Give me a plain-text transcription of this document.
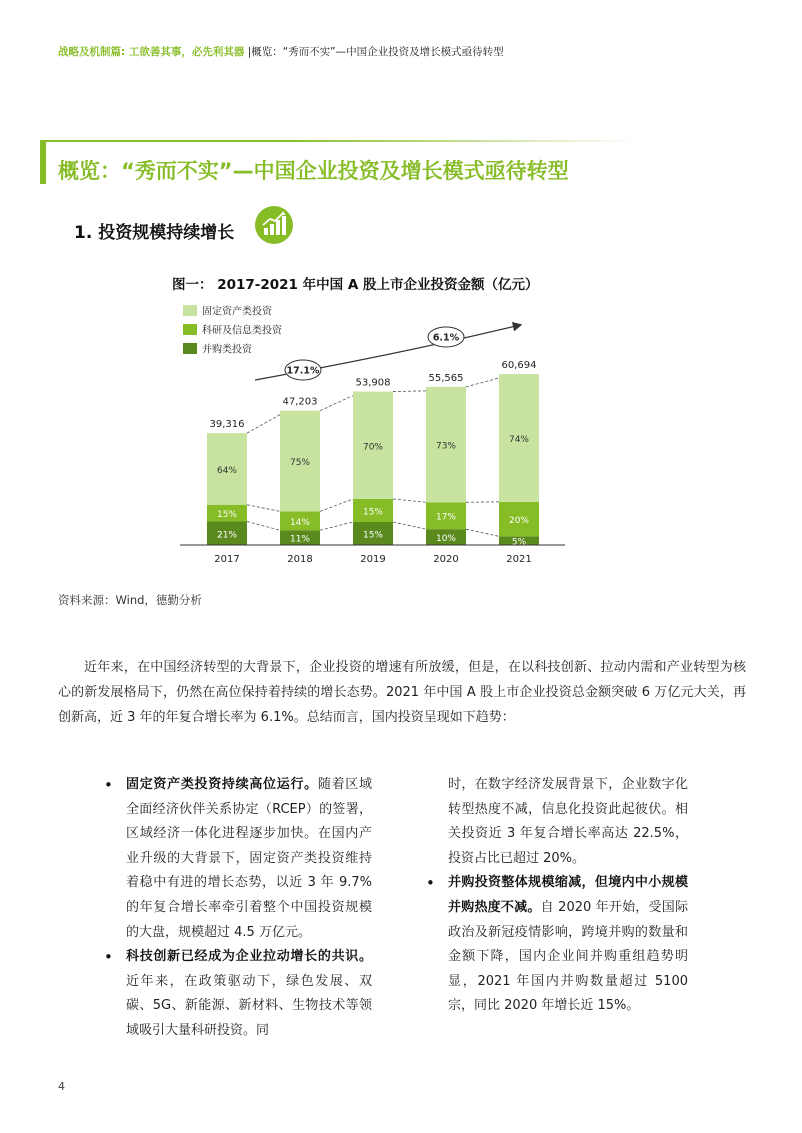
战略及机制篇: 工欲善其事，必先利其器 |概览：“秀而不实”—中国企业投资及增长模式亟待转型
概览：“秀而不实”—中国企业投资及增长模式亟待转型
1. 投资规模持续增长
图一： 2017-2021 年中国 A 股上市企业投资金额（亿元）
固定资产类投资
科研及信息类投资
并购类投资
17.1%
6.1%
21%
15%
64%
39,316
11%
14%
75%
47,203
15%
15%
70%
53,908
10%
17%
73%
55,565
5%
20%
74%
60,694
2017	2018	2019	2020	2021
资料来源：Wind，德勤分析

近年来，在中国经济转型的大背景下，企业投资的增速有所放缓，但是，在以科技创新、拉动内需和产业转型为核心的新发展格局下，仍然在高位保持着持续的增长态势。2021 年中国 A 股上市企业投资总金额突破 6 万亿元大关，再创新高，近 3 年的年复合增长率为 6.1%。总结而言，国内投资呈现如下趋势：

• 固定资产类投资持续高位运行。随着区域全面经济伙伴关系协定（RCEP）的签署，区域经济一体化进程逐步加快。在国内产业升级的大背景下，固定资产类投资维持着稳中有进的增长态势，以近 3 年 9.7% 的年复合增长率牵引着整个中国投资规模的大盘，规模超过 4.5 万亿元。

• 科技创新已经成为企业拉动增长的共识。近年来，在政策驱动下，绿色发展、双碳、5G、新能源、新材料、生物技术等领域吸引大量科研投资。同

时，在数字经济发展背景下，企业数字化转型热度不减，信息化投资此起彼伏。相关投资近 3 年复合增长率高达 22.5%，投资占比已超过 20%。

• 并购投资整体规模缩减，但境内中小规模并购热度不减。自 2020 年开始，受国际政治及新冠疫情影响，跨境并购的数量和金额下降，国内企业间并购重组趋势明显，2021 年国内并购数量超过 5100 宗，同比 2020 年增长近 15%。

4
